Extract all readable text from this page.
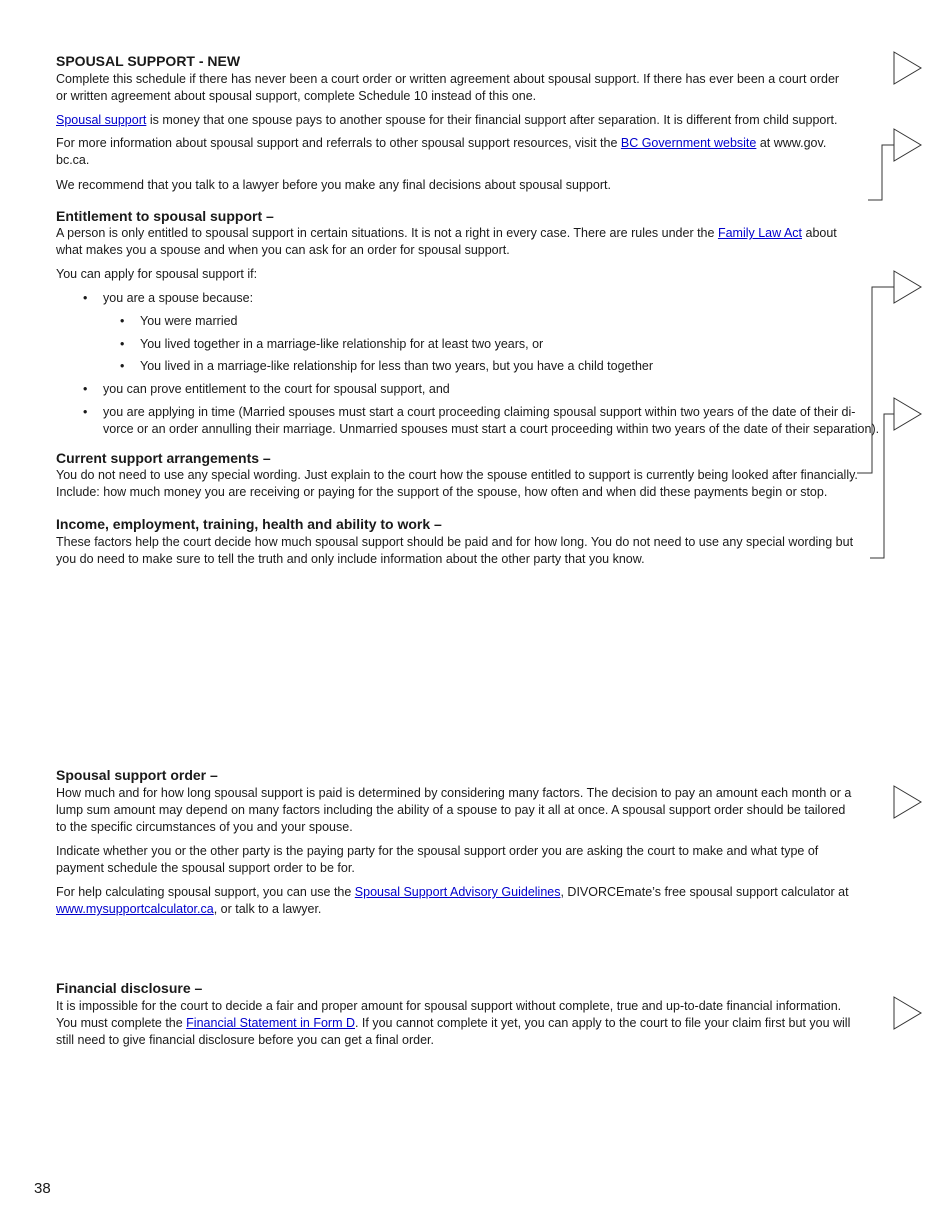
SPOUSAL SUPPORT - NEW

Complete this schedule if there has never been a court order or written agreement about spousal support. If there has ever been a court order or written agreement about spousal support, complete Schedule 10 instead of this one.

Spousal support is money that one spouse pays to another spouse for their financial support after separation. It is different from child support.

For more information about spousal support and referrals to other spousal support resources, visit the BC Government website at www.gov.
bc.ca.

We recommend that you talk to a lawyer before you make any final decisions about spousal support.

Entitlement to spousal support –

A person is only entitled to spousal support in certain situations. It is not a right in every case. There are rules under the Family Law Act about
what makes you a spouse and when you can ask for an order for spousal support.

You can apply for spousal support if:

• you are a spouse because:
• You were married
• You lived together in a marriage-like relationship for at least two years, or
• You lived in a marriage-like relationship for less than two years, but you have a child together
• you can prove entitlement to the court for spousal support, and
• you are applying in time (Married spouses must start a court proceeding claiming spousal support within two years of the date of their di-
vorce or an order annulling their marriage. Unmarried spouses must start a court proceeding within two years of the date of their separation).
Current support arrangements –

You do not need to use any special wording. Just explain to the court how the spouse entitled to support is currently being looked after financially.
Include: how much money you are receiving or paying for the support of the spouse, how often and when did these payments begin or stop.

Income, employment, training, health and ability to work –

These factors help the court decide how much spousal support should be paid and for how long. You do not need to use any special wording but
you do need to make sure to tell the truth and only include information about the other party that you know.

Spousal support order –

How much and for how long spousal support is paid is determined by considering many factors. The decision to pay an amount each month or a
lump sum amount may depend on many factors including the ability of a spouse to pay it all at once. A spousal support order should be tailored
to the specific circumstances of you and your spouse.

Indicate whether you or the other party is the paying party for the spousal support order you are asking the court to make and what type of
payment schedule the spousal support order to be for.

For help calculating spousal support, you can use the Spousal Support Advisory Guidelines, DIVORCEmate’s free spousal support calculator at
www.mysupportcalculator.ca, or talk to a lawyer.

Financial disclosure –

It is impossible for the court to decide a fair and proper amount for spousal support without complete, true and up-to-date financial information.
You must complete the Financial Statement in Form D. If you cannot complete it yet, you can apply to the court to file your claim first but you will
still need to give financial disclosure before you can get a final order.

38
